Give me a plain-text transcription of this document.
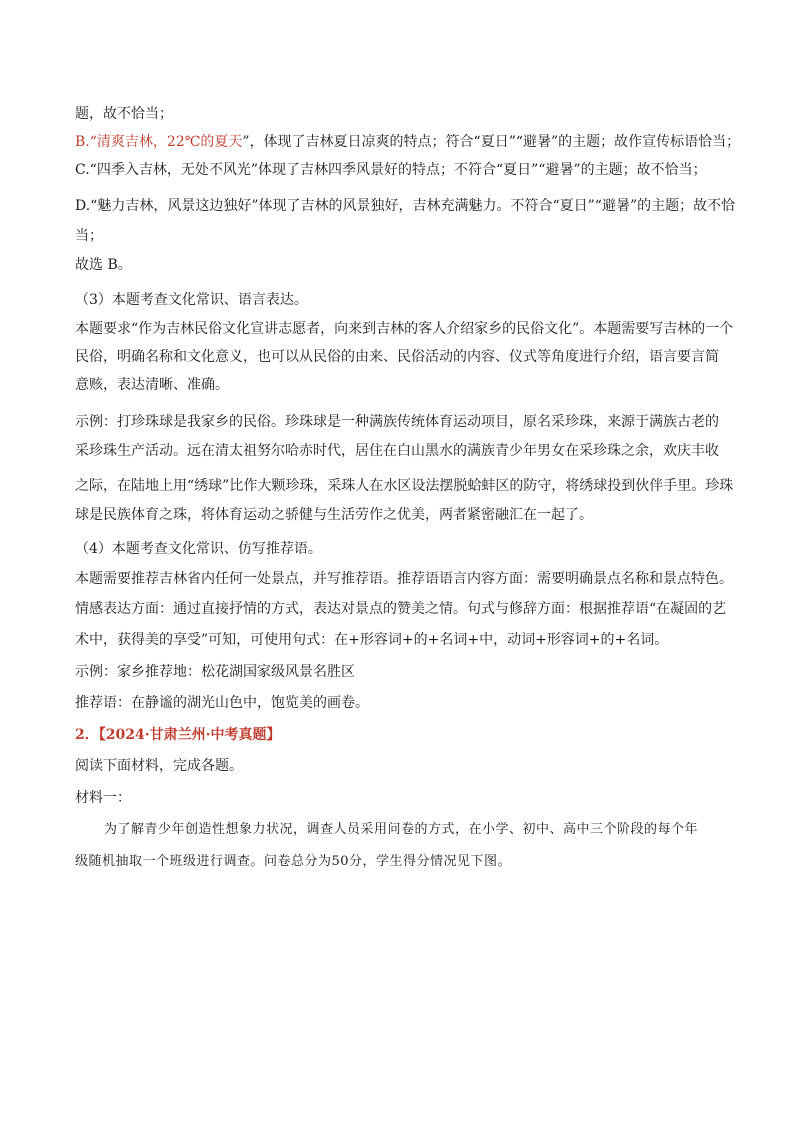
题，故不恰当；
B.“清爽吉林，22℃的夏天”，体现了吉林夏日凉爽的特点；符合“夏日”“避暑”的主题；故作宣传标语恰当；
C.“四季入吉林，无处不风光”体现了吉林四季风景好的特点；不符合“夏日”“避暑”的主题；故不恰当；
D.“魅力吉林，风景这边独好”体现了吉林的风景独好，吉林充满魅力。不符合“夏日”“避暑”的主题；故不恰
当；
故选 B。
（3）本题考查文化常识、语言表达。
本题要求“作为吉林民俗文化宣讲志愿者，向来到吉林的客人介绍家乡的民俗文化”。本题需要写吉林的一个
民俗，明确名称和文化意义，也可以从民俗的由来、民俗活动的内容、仪式等角度进行介绍，语言要言简
意赅，表达清晰、准确。
示例：打珍珠球是我家乡的民俗。珍珠球是一种满族传统体育运动项目，原名采珍珠，来源于满族古老的
采珍珠生产活动。远在清太祖努尔哈赤时代，居住在白山黑水的满族青少年男女在采珍珠之余，欢庆丰收
之际，在陆地上用“绣球”比作大颗珍珠，采珠人在水区设法摆脱蛤蚌区的防守，将绣球投到伙伴手里。珍珠
球是民族体育之珠，将体育运动之骄健与生活劳作之优美，两者紧密融汇在一起了。
（4）本题考查文化常识、仿写推荐语。
本题需要推荐吉林省内任何一处景点，并写推荐语。推荐语语言内容方面：需要明确景点名称和景点特色。
情感表达方面：通过直接抒情的方式，表达对景点的赞美之情。句式与修辞方面：根据推荐语“在凝固的艺
术中，获得美的享受”可知，可使用句式：在+形容词+的+名词+中，动词+形容词+的+名词。
示例：家乡推荐地：松花湖国家级风景名胜区
推荐语：在静谧的湖光山色中，饱览美的画卷。
2．【2024·甘肃兰州·中考真题】
阅读下面材料，完成各题。
材料一：
为了解青少年创造性想象力状况，调查人员采用问卷的方式，在小学、初中、高中三个阶段的每个年
级随机抽取一个班级进行调查。问卷总分为50分，学生得分情况见下图。
